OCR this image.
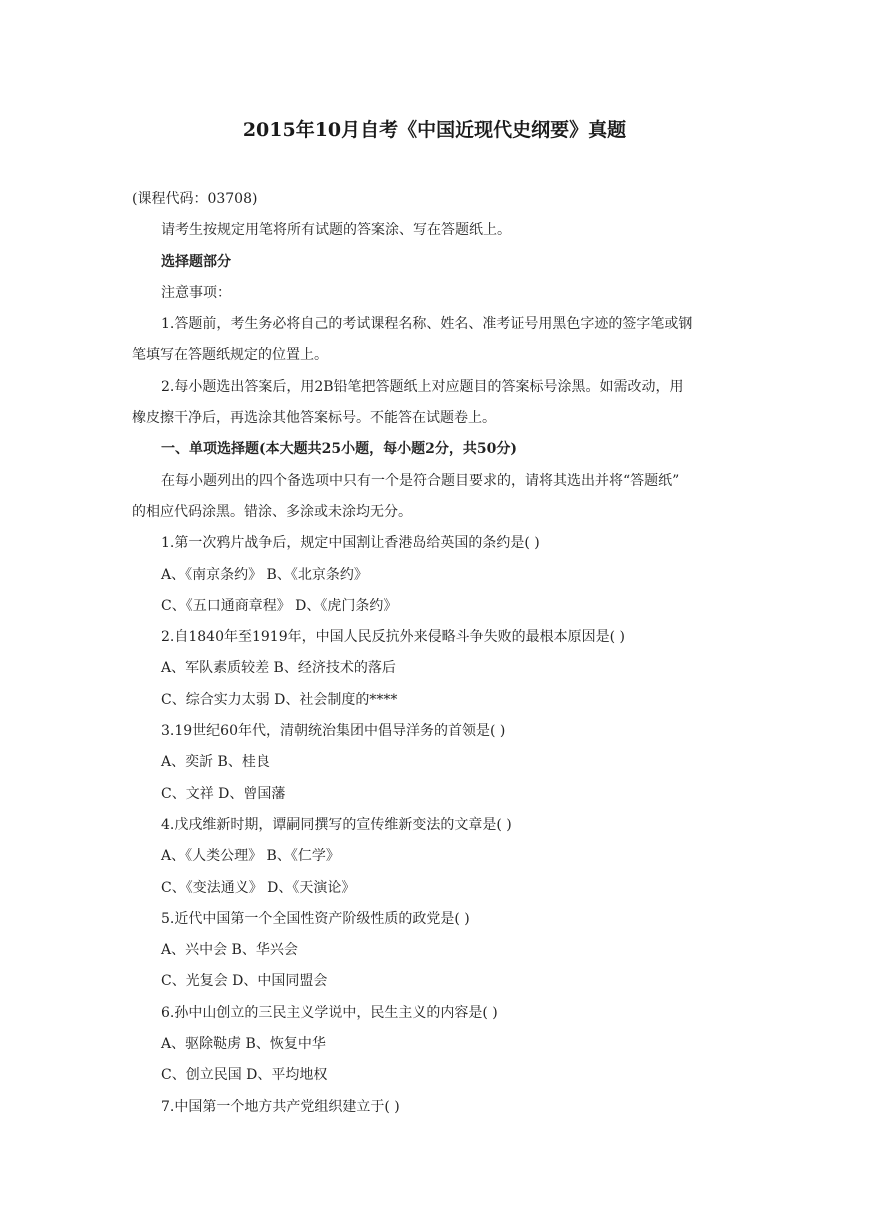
2015年10月自考《中国近现代史纲要》真题
(课程代码：03708)
请考生按规定用笔将所有试题的答案涂、写在答题纸上。
选择题部分
注意事项：
1.答题前，考生务必将自己的考试课程名称、姓名、准考证号用黑色字迹的签字笔或钢
笔填写在答题纸规定的位置上。
2.每小题选出答案后，用2B铅笔把答题纸上对应题目的答案标号涂黑。如需改动，用
橡皮擦干净后，再选涂其他答案标号。不能答在试题卷上。
一、单项选择题(本大题共25小题，每小题2分，共50分)
在每小题列出的四个备选项中只有一个是符合题目要求的，请将其选出并将“答题纸”
的相应代码涂黑。错涂、多涂或未涂均无分。
1.第一次鸦片战争后，规定中国割让香港岛给英国的条约是( )
A、《南京条约》 B、《北京条约》
C、《五口通商章程》 D、《虎门条约》
2.自1840年至1919年，中国人民反抗外来侵略斗争失败的最根本原因是( )
A、军队素质较差 B、经济技术的落后
C、综合实力太弱 D、社会制度的****
3.19世纪60年代，清朝统治集团中倡导洋务的首领是( )
A、奕訢 B、桂良
C、文祥 D、曾国藩
4.戊戌维新时期，谭嗣同撰写的宣传维新变法的文章是( )
A、《人类公理》 B、《仁学》
C、《变法通义》 D、《天演论》
5.近代中国第一个全国性资产阶级性质的政党是( )
A、兴中会 B、华兴会
C、光复会 D、中国同盟会
6.孙中山创立的三民主义学说中，民生主义的内容是( )
A、驱除鞑虏 B、恢复中华
C、创立民国 D、平均地权
7.中国第一个地方共产党组织建立于( )
